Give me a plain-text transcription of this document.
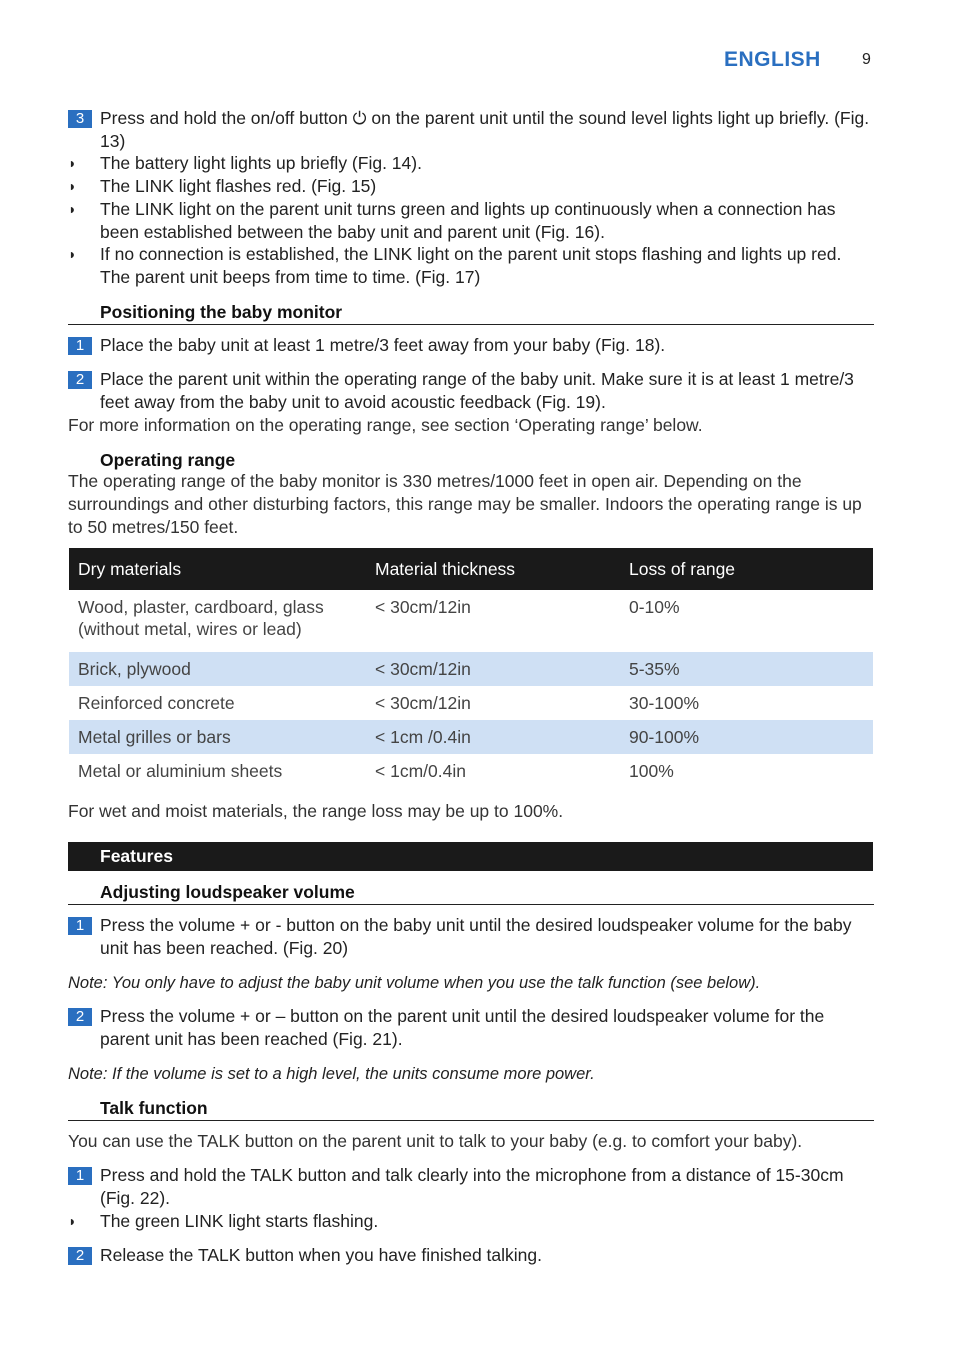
ENGLISH	9
3 Press and hold the on/off button ⏻ on the parent unit until the sound level lights light up briefly. (Fig. 13)
◗ The battery light lights up briefly (Fig. 14).
◗ The LINK light flashes red. (Fig. 15)
◗ The LINK light on the parent unit turns green and lights up continuously when a connection has been established between the baby unit and parent unit (Fig. 16).
◗ If no connection is established, the LINK light on the parent unit stops flashing and lights up red. The parent unit beeps from time to time. (Fig. 17)
Positioning the baby monitor
1 Place the baby unit at least 1 metre/3 feet away from your baby (Fig. 18).
2 Place the parent unit within the operating range of the baby unit. Make sure it is at least 1 metre/3 feet away from the baby unit to avoid acoustic feedback (Fig. 19).
For more information on the operating range, see section ‘Operating range’ below.
Operating range
The operating range of the baby monitor is 330 metres/1000 feet in open air. Depending on the surroundings and other disturbing factors, this range may be smaller. Indoors the operating range is up to 50 metres/150 feet.
Dry materials	Material thickness	Loss of range
Wood, plaster, cardboard, glass (without metal, wires or lead)	< 30cm/12in	0-10%
Brick, plywood	< 30cm/12in	5-35%
Reinforced concrete	< 30cm/12in	30-100%
Metal grilles or bars	< 1cm /0.4in	90-100%
Metal or aluminium sheets	< 1cm/0.4in	100%
For wet and moist materials, the range loss may be up to 100%.
Features
Adjusting loudspeaker volume
1 Press the volume + or - button on the baby unit until the desired loudspeaker volume for the baby unit has been reached. (Fig. 20)
Note: You only have to adjust the baby unit volume when you use the talk function (see below).
2 Press the volume + or – button on the parent unit until the desired loudspeaker volume for the parent unit has been reached (Fig. 21).
Note: If the volume is set to a high level, the units consume more power.
Talk function
You can use the TALK button on the parent unit to talk to your baby (e.g. to comfort your baby).
1 Press and hold the TALK button and talk clearly into the microphone from a distance of 15-30cm (Fig. 22).
◗ The green LINK light starts flashing.
2 Release the TALK button when you have finished talking.
